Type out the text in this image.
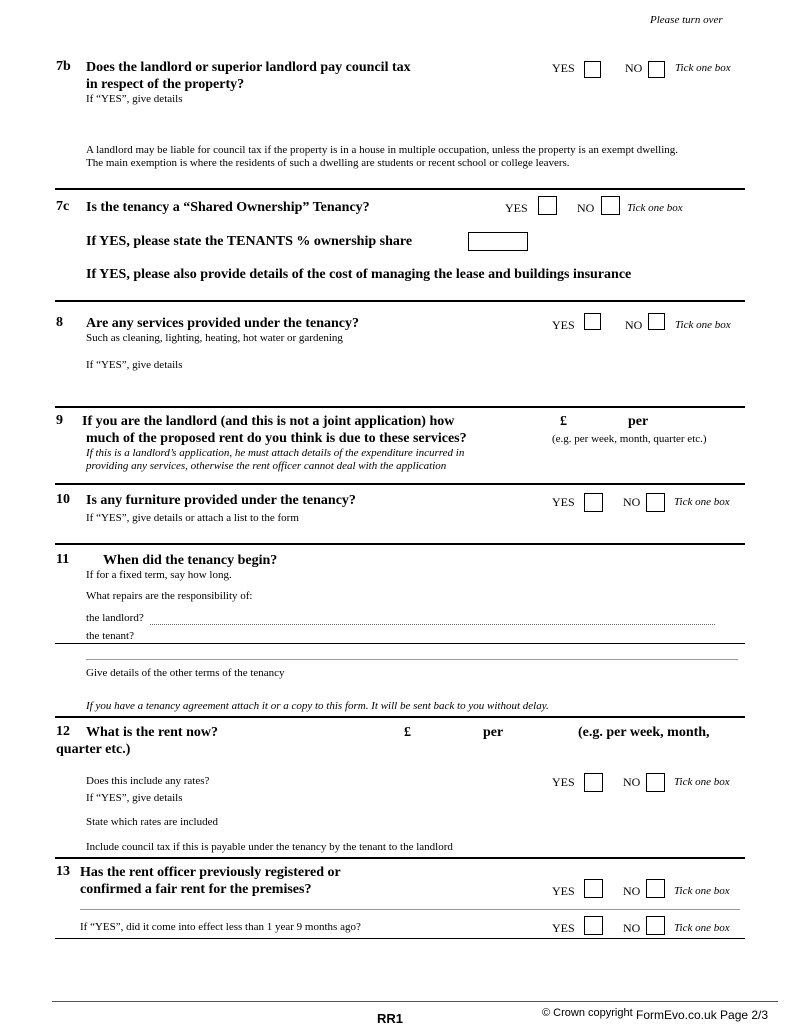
Please turn over
7b Does the landlord or superior landlord pay council tax
in respect of the property?
If “YES”, give details
YES	NO	Tick one box
A landlord may be liable for council tax if the property is in a house in multiple occupation, unless the property is an exempt dwelling.
The main exemption is where the residents of such a dwelling are students or recent school or college leavers.
7c Is the tenancy a “Shared Ownership” Tenancy?	YES	NO	Tick one box
If YES, please state the TENANTS % ownership share
If YES, please also provide details of the cost of managing the lease and buildings insurance
8 Are any services provided under the tenancy?
Such as cleaning, lighting, heating, hot water or gardening
If “YES”, give details
YES	NO	Tick one box
9 If you are the landlord (and this is not a joint application) how
much of the proposed rent do you think is due to these services?
If this is a landlord’s application, he must attach details of the expenditure incurred in
providing any services, otherwise the rent officer cannot deal with the application
£	per
(e.g. per week, month, quarter etc.)
10 Is any furniture provided under the tenancy?
If “YES”, give details or attach a list to the form
YES	NO	Tick one box
11 When did the tenancy begin?
If for a fixed term, say how long.
What repairs are the responsibility of:
the landlord?
the tenant?
Give details of the other terms of the tenancy
If you have a tenancy agreement attach it or a copy to this form. It will be sent back to you without delay.
12 What is the rent now?	£	per	(e.g. per week, month,
quarter etc.)
Does this include any rates?
If “YES”, give details
State which rates are included
Include council tax if this is payable under the tenancy by the tenant to the landlord
YES	NO	Tick one box
13 Has the rent officer previously registered or
confirmed a fair rent for the premises?	YES	NO	Tick one box
If “YES”, did it come into effect less than 1 year 9 months ago?	YES	NO	Tick one box
RR1	© Crown copyright FormEvo.co.uk Page 2/3
